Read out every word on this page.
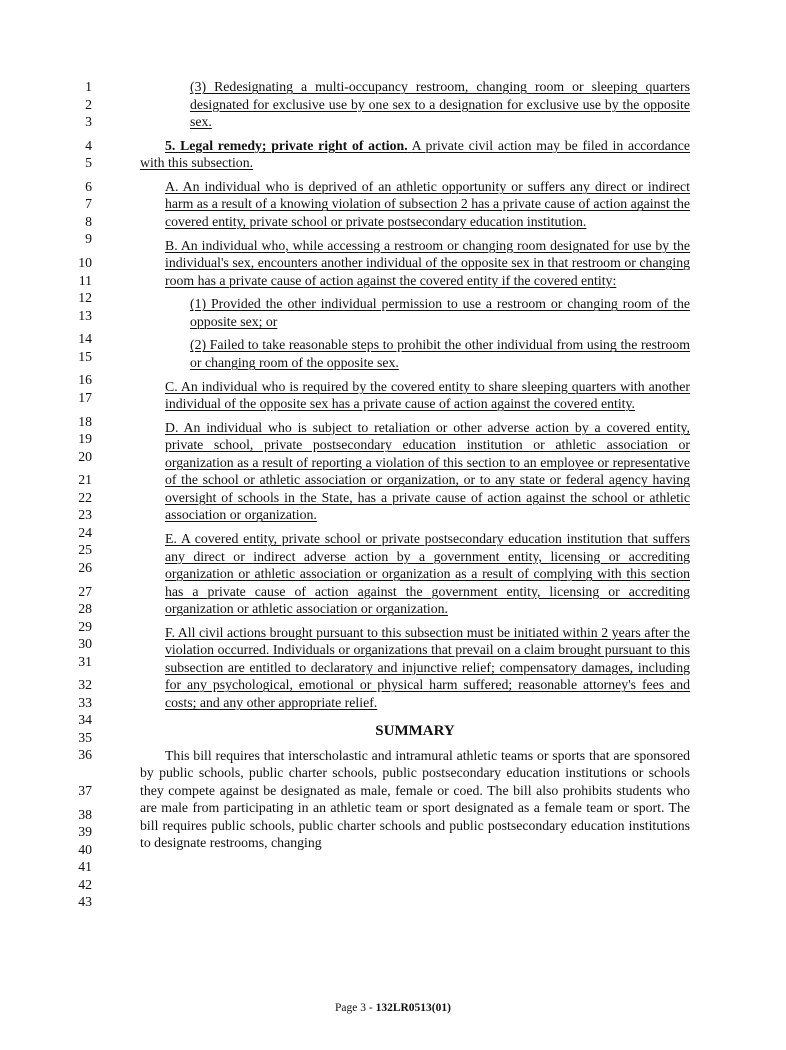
1
2
3
4
5
6
7
8
9
10
11
12
13
14
15
16
17
18
19
20
21
22
23
24
25
26
27
28
29
30
31
32
33
34
35
36
37
38
39
40
41
42
43

(3) Redesignating a multi-occupancy restroom, changing room or sleeping quarters designated for exclusive use by one sex to a designation for exclusive use by the opposite sex.

5. Legal remedy; private right of action. A private civil action may be filed in accordance with this subsection.

A. An individual who is deprived of an athletic opportunity or suffers any direct or indirect harm as a result of a knowing violation of subsection 2 has a private cause of action against the covered entity, private school or private postsecondary education institution.

B. An individual who, while accessing a restroom or changing room designated for use by the individual's sex, encounters another individual of the opposite sex in that restroom or changing room has a private cause of action against the covered entity if the covered entity:

(1) Provided the other individual permission to use a restroom or changing room of the opposite sex; or

(2) Failed to take reasonable steps to prohibit the other individual from using the restroom or changing room of the opposite sex.

C. An individual who is required by the covered entity to share sleeping quarters with another individual of the opposite sex has a private cause of action against the covered entity.

D. An individual who is subject to retaliation or other adverse action by a covered entity, private school, private postsecondary education institution or athletic association or organization as a result of reporting a violation of this section to an employee or representative of the school or athletic association or organization, or to any state or federal agency having oversight of schools in the State, has a private cause of action against the school or athletic association or organization.

E. A covered entity, private school or private postsecondary education institution that suffers any direct or indirect adverse action by a government entity, licensing or accrediting organization or athletic association or organization as a result of complying with this section has a private cause of action against the government entity, licensing or accrediting organization or athletic association or organization.

F. All civil actions brought pursuant to this subsection must be initiated within 2 years after the violation occurred. Individuals or organizations that prevail on a claim brought pursuant to this subsection are entitled to declaratory and injunctive relief; compensatory damages, including for any psychological, emotional or physical harm suffered; reasonable attorney's fees and costs; and any other appropriate relief.

SUMMARY

This bill requires that interscholastic and intramural athletic teams or sports that are sponsored by public schools, public charter schools, public postsecondary education institutions or schools they compete against be designated as male, female or coed. The bill also prohibits students who are male from participating in an athletic team or sport designated as a female team or sport. The bill requires public schools, public charter schools and public postsecondary education institutions to designate restrooms, changing

Page 3 - 132LR0513(01)
